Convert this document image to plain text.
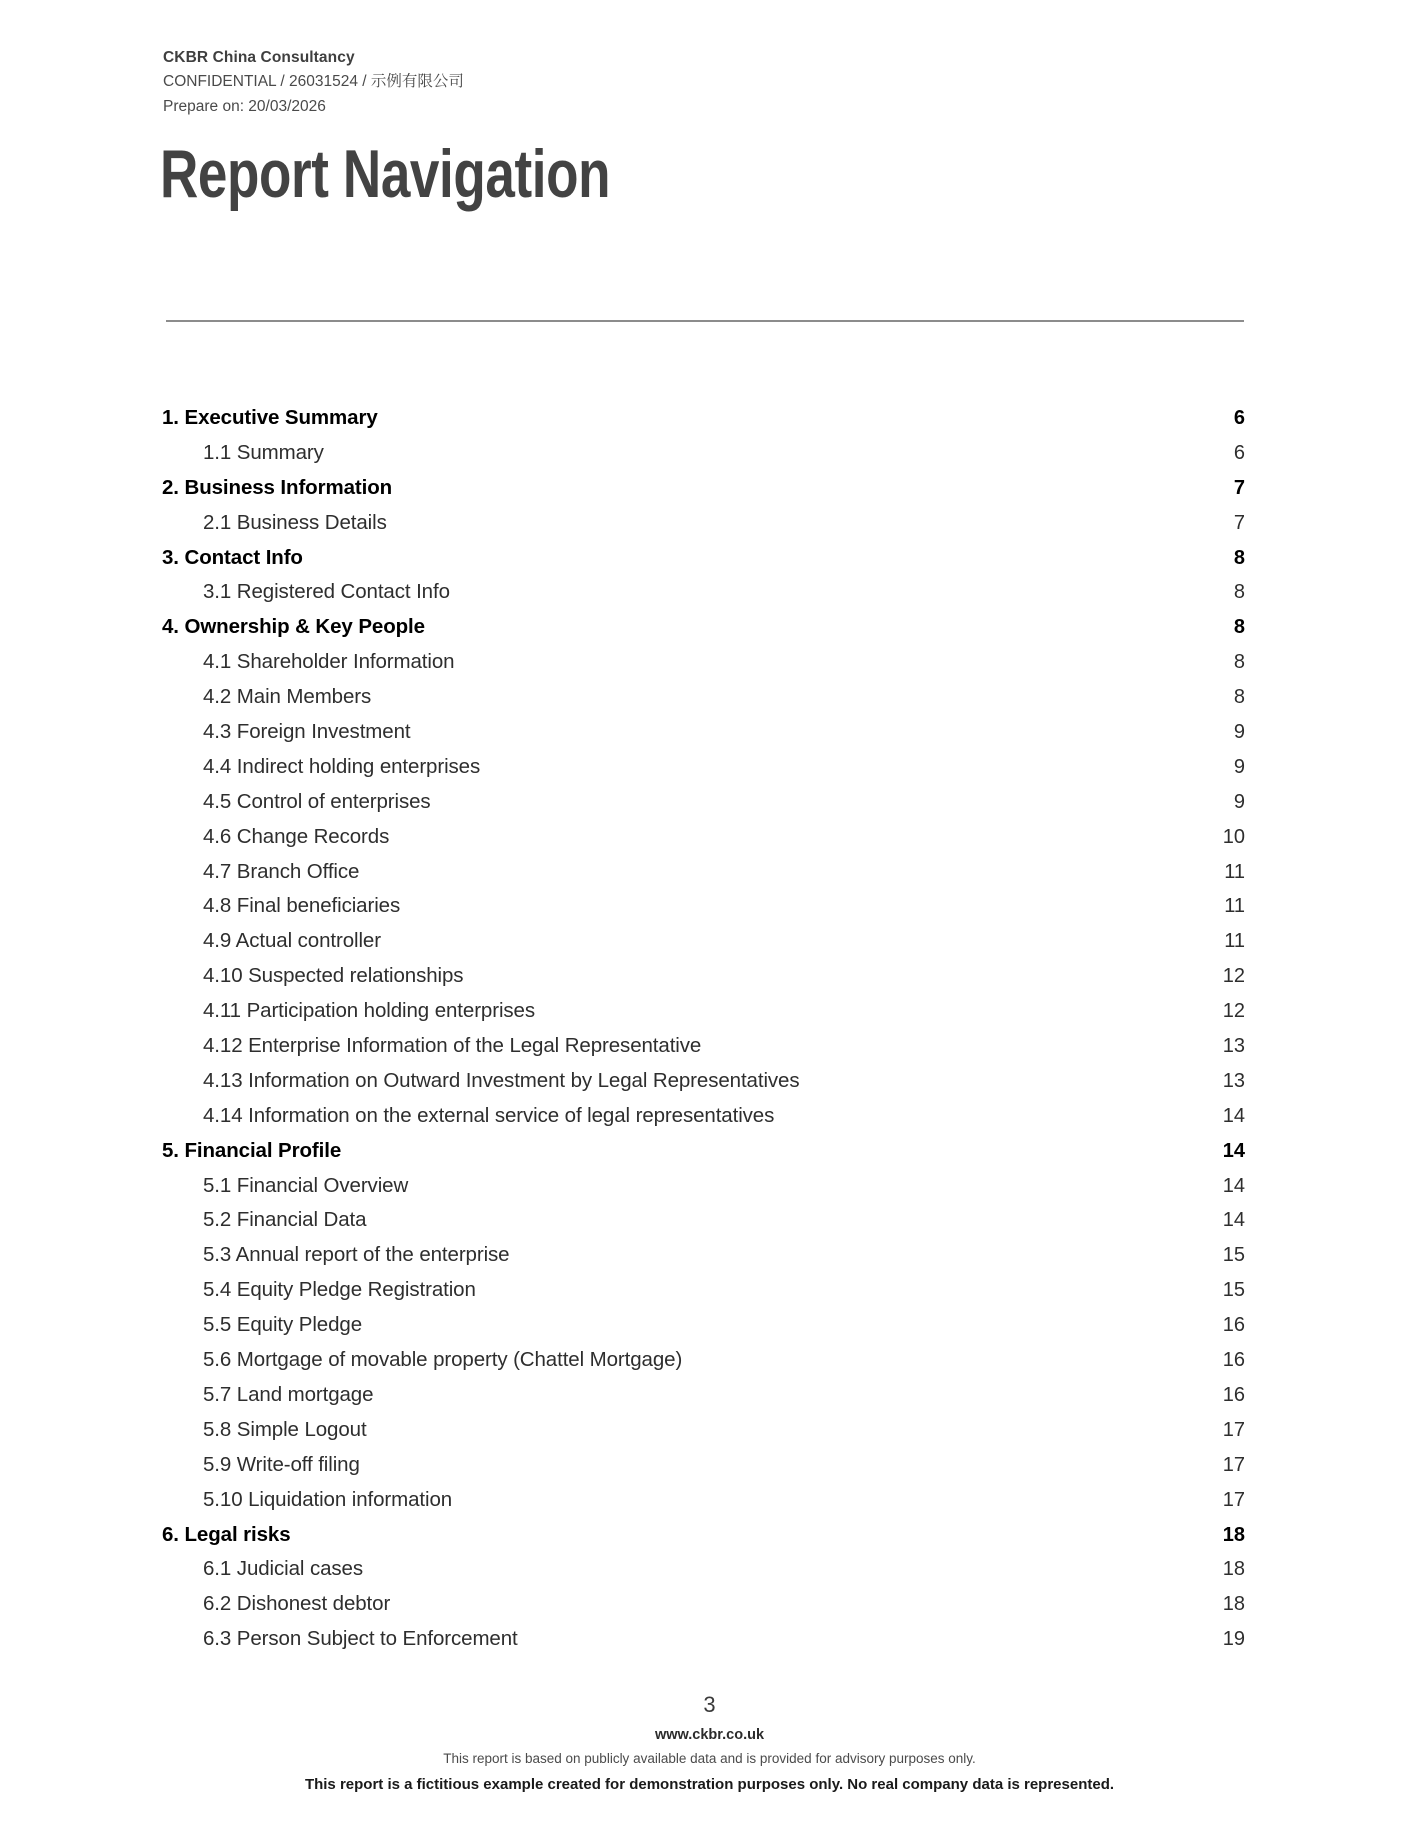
CKBR China Consultancy
CONFIDENTIAL / 26031524 / 示例有限公司
Prepare on: 20/03/2026
Report Navigation
1. Executive Summary	6
1.1 Summary	6
2. Business Information	7
2.1 Business Details	7
3. Contact Info	8
3.1 Registered Contact Info	8
4. Ownership & Key People	8
4.1 Shareholder Information	8
4.2 Main Members	8
4.3 Foreign Investment	9
4.4 Indirect holding enterprises	9
4.5 Control of enterprises	9
4.6 Change Records	10
4.7 Branch Office	11
4.8 Final beneficiaries	11
4.9 Actual controller	11
4.10 Suspected relationships	12
4.11 Participation holding enterprises	12
4.12 Enterprise Information of the Legal Representative	13
4.13 Information on Outward Investment by Legal Representatives	13
4.14 Information on the external service of legal representatives	14
5. Financial Profile	14
5.1 Financial Overview	14
5.2 Financial Data	14
5.3 Annual report of the enterprise	15
5.4 Equity Pledge Registration	15
5.5 Equity Pledge	16
5.6 Mortgage of movable property (Chattel Mortgage)	16
5.7 Land mortgage	16
5.8 Simple Logout	17
5.9 Write-off filing	17
5.10 Liquidation information	17
6. Legal risks	18
6.1 Judicial cases	18
6.2 Dishonest debtor	18
6.3 Person Subject to Enforcement	19
3
www.ckbr.co.uk
This report is based on publicly available data and is provided for advisory purposes only.
This report is a fictitious example created for demonstration purposes only. No real company data is represented.
